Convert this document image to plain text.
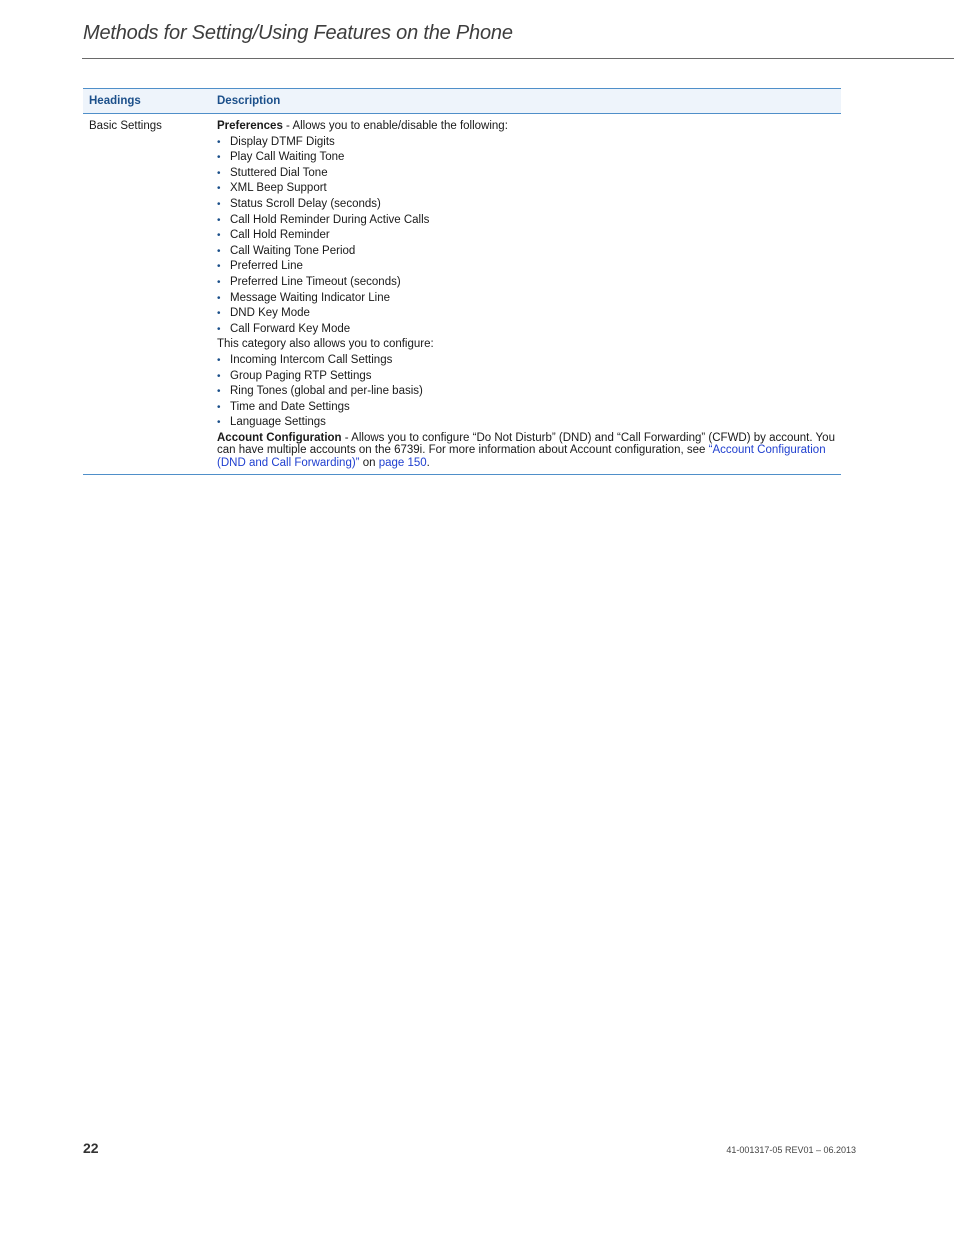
Methods for Setting/Using Features on the Phone
Headings	Description
Basic Settings	Preferences - Allows you to enable/disable the following:
• Display DTMF Digits
• Play Call Waiting Tone
• Stuttered Dial Tone
• XML Beep Support
• Status Scroll Delay (seconds)
• Call Hold Reminder During Active Calls
• Call Hold Reminder
• Call Waiting Tone Period
• Preferred Line
• Preferred Line Timeout (seconds)
• Message Waiting Indicator Line
• DND Key Mode
• Call Forward Key Mode
This category also allows you to configure:
• Incoming Intercom Call Settings
• Group Paging RTP Settings
• Ring Tones (global and per-line basis)
• Time and Date Settings
• Language Settings
Account Configuration - Allows you to configure “Do Not Disturb” (DND) and “Call Forwarding” (CFWD) by account. You can have multiple accounts on the 6739i. For more information about Account configuration, see “Account Configuration (DND and Call Forwarding)” on page 150.
22	41-001317-05 REV01 – 06.2013
